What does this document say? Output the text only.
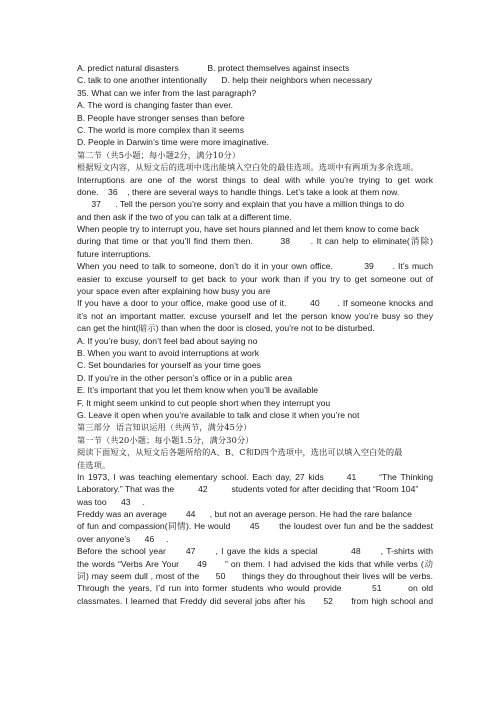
A. predict natural disasters            B. protect themselves against insects
C. talk to one another intentionally      D. help their neighbors when necessary
35. What can we infer from the last paragraph?
A. The word is changing faster than ever.
B. People have stronger senses than before
C. The world is more complex than it seems
D. People in Darwin’s time were more imaginative.
第二节（共5小题；每小题2分，满分10分）
根据短文内容，从短文后的选项中选出能填入空白处的最佳选项。选项中有两项为多余选项。
Interruptions are one of the worst things to deal with while you’re trying to get work
done.    36    , there are several ways to handle things. Let’s take a look at them now.
37      . Tell the person you’re sorry and explain that you have a million things to do
and then ask if the two of you can talk at a different time.
When people try to interrupt you, have set hours planned and let them know to come back
during that time or that you’ll find them then.        38      . It can help to eliminate(消除)
future interruptions.
When you need to talk to someone, don’t do it in your own office.          39      . It’s much
easier to excuse yourself to get back to your work than if you try to get someone out of
your space even after explaining how busy you are
If you have a door to your office, make good use of it.        40      . If someone knocks and
it’s not an important matter. excuse yourself and let the person know you’re busy so they
can get the hint(暗示) than when the door is closed, you’re not to be disturbed.
A. If you’re busy, don’t feel bad about saying no
B. When you want to avoid interruptions at work
C. Set boundaries for yourself as your time goes
D. If you’re in the other person’s office or in a public area
E. It’s important that you let them know when you’ll be available
F. It might seem unkind to cut people short when they interrupt you
G. Leave it open when you’re available to talk and close it when you’re not
第三部分  语言知识运用（共两节，满分45分）
第一节（共20小题；每小题1.5分，满分30分）
阅读下面短文，从短文后各题所给的A、B、C和D四个选项中，选出可以填入空白处的最
佳选项。
In 1973, I was teaching elementary school. Each day, 27 kids      41      “The Thinking
Laboratory.” That was the          42          students voted for after deciding that “Room 104”
was too      43     .
Freddy was an average        44      , but not an average person. He had the rare balance
of fun and compassion(同情). He would       45       the loudest over fun and be the saddest
over anyone’s      46     .
Before the school year      47      , I gave the kids a special          48      , T-shirts with
the words “Verbs Are Your      49      ” on them. I had advised the kids that while verbs (动
词) may seem dull , most of the      50      things they do throughout their lives will be verbs.
Through the years, I’d run into former students who would provide        51       on old
classmates. I learned that Freddy did several jobs after his      52      from high school and
